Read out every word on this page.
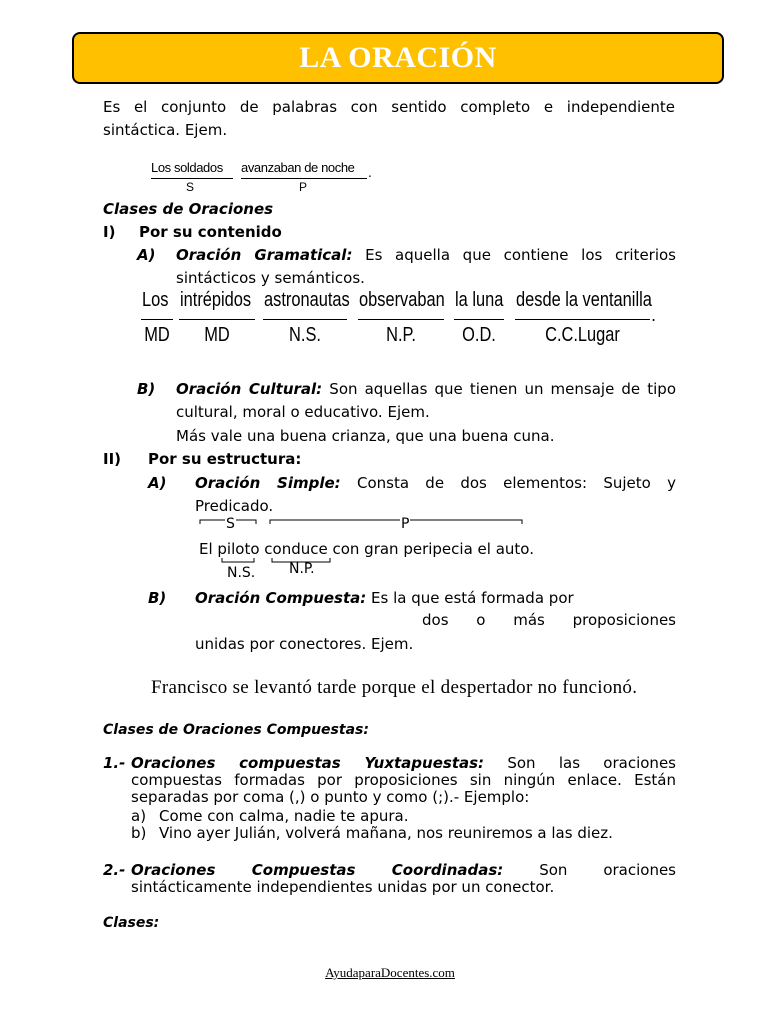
LA ORACIÓN
Es el conjunto de palabras con sentido completo e independiente sintáctica. Ejem.
Los soldados
S
avanzaban de noche
P
.
Clases de Oraciones
I) Por su contenido
A) Oración Gramatical: Es aquella que contiene los criterios sintácticos y semánticos.
Los
MD
intrépidos
MD
astronautas
N.S.
observaban
N.P.
la luna
O.D.
desde la ventanilla
C.C.Lugar
.
B) Oración Cultural: Son aquellas que tienen un mensaje de tipo cultural, moral o educativo. Ejem.
Más vale una buena crianza, que una buena cuna.
II) Por su estructura:
A) Oración Simple: Consta de dos elementos: Sujeto y Predicado.
S	P
El piloto conduce con gran peripecia el auto.
N.S. N.P.
B) Oración Compuesta: Es la que está formada por
dos o más proposiciones
unidas por conectores. Ejem.
Francisco se levantó tarde porque el despertador no funcionó.
Clases de Oraciones Compuestas:
1.- Oraciones compuestas Yuxtapuestas: Son las oraciones compuestas formadas por proposiciones sin ningún enlace. Están separadas por coma (,) o punto y como (;).- Ejemplo:
a) Come con calma, nadie te apura.
b) Vino ayer Julián, volverá mañana, nos reuniremos a las diez.
2.- Oraciones Compuestas Coordinadas: Son oraciones sintácticamente independientes unidas por un conector.
Clases:
AyudaparaDocentes.com
